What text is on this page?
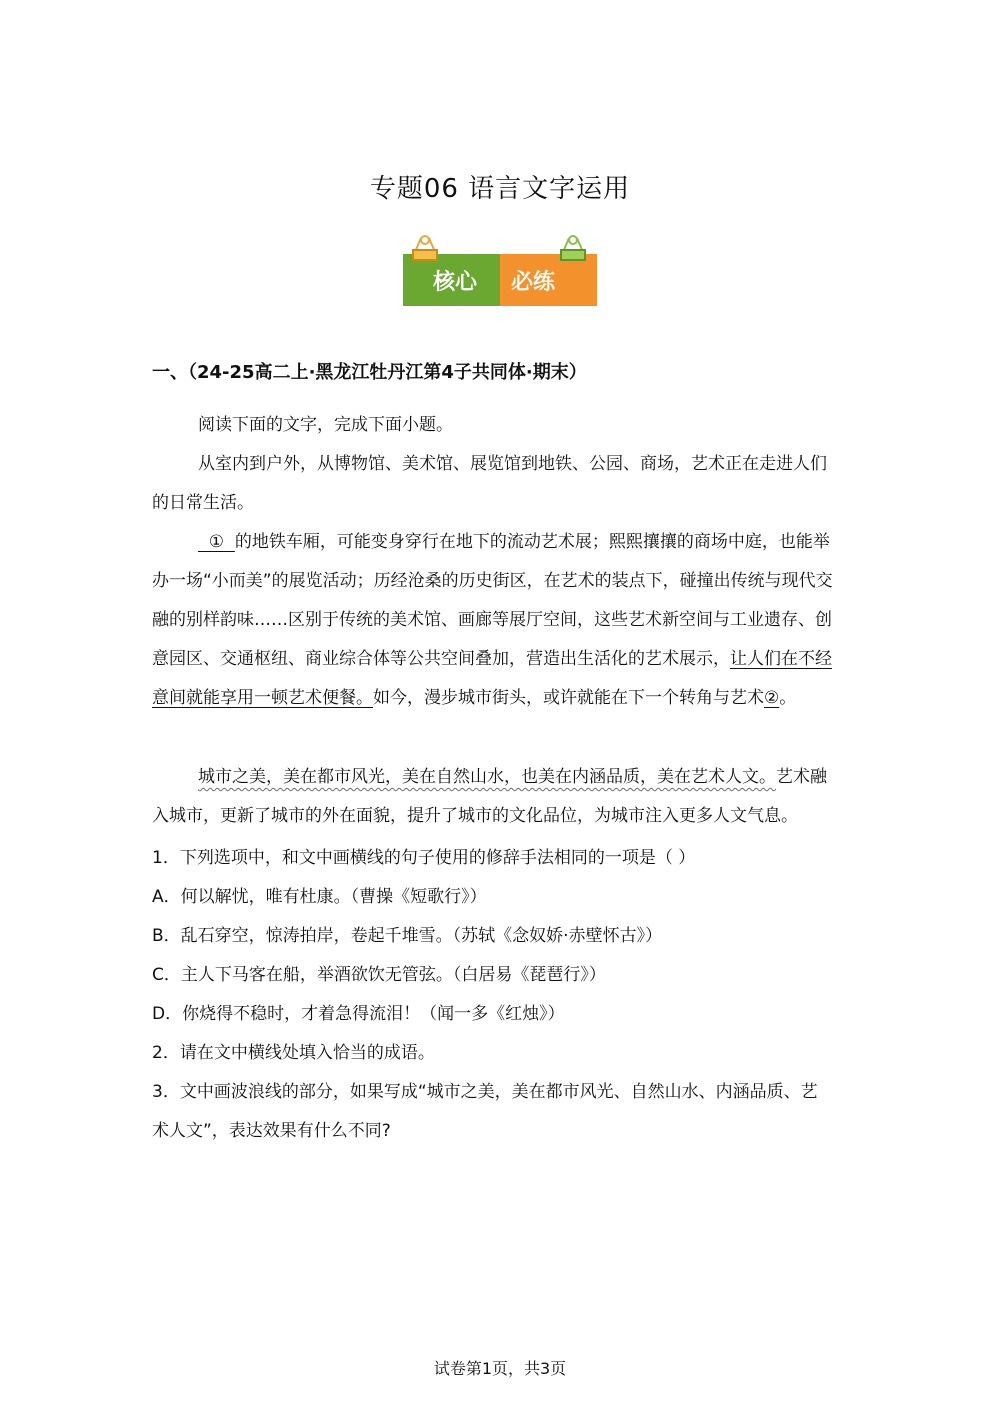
专题06 语言文字运用
核心 必练
一、（24-25高二上·黑龙江牡丹江第4子共同体·期末）
阅读下面的文字，完成下面小题。
从室内到户外，从博物馆、美术馆、展览馆到地铁、公园、商场，艺术正在走进人们的日常生活。
①  的地铁车厢，可能变身穿行在地下的流动艺术展；熙熙攘攘的商场中庭，也能举办一场“小而美”的展览活动；历经沧桑的历史街区，在艺术的装点下，碰撞出传统与现代交融的别样韵味……区别于传统的美术馆、画廊等展厅空间，这些艺术新空间与工业遗存、创意园区、交通枢纽、商业综合体等公共空间叠加，营造出生活化的艺术展示，让人们在不经意间就能享用一顿艺术便餐。如今，漫步城市街头，或许就能在下一个转角与艺术②。
城市之美，美在都市风光，美在自然山水，也美在内涵品质，美在艺术人文。艺术融入城市，更新了城市的外在面貌，提升了城市的文化品位，为城市注入更多人文气息。
1．下列选项中，和文中画横线的句子使用的修辞手法相同的一项是（ ）
A．何以解忧，唯有杜康。（曹操《短歌行》）
B．乱石穿空，惊涛拍岸，卷起千堆雪。（苏轼《念奴娇·赤壁怀古》）
C．主人下马客在船，举酒欲饮无管弦。（白居易《琵琶行》）
D．你烧得不稳时，才着急得流泪！（闻一多《红烛》）
2．请在文中横线处填入恰当的成语。
3．文中画波浪线的部分，如果写成“城市之美，美在都市风光、自然山水、内涵品质、艺
术人文”，表达效果有什么不同?
试卷第1页，共3页
